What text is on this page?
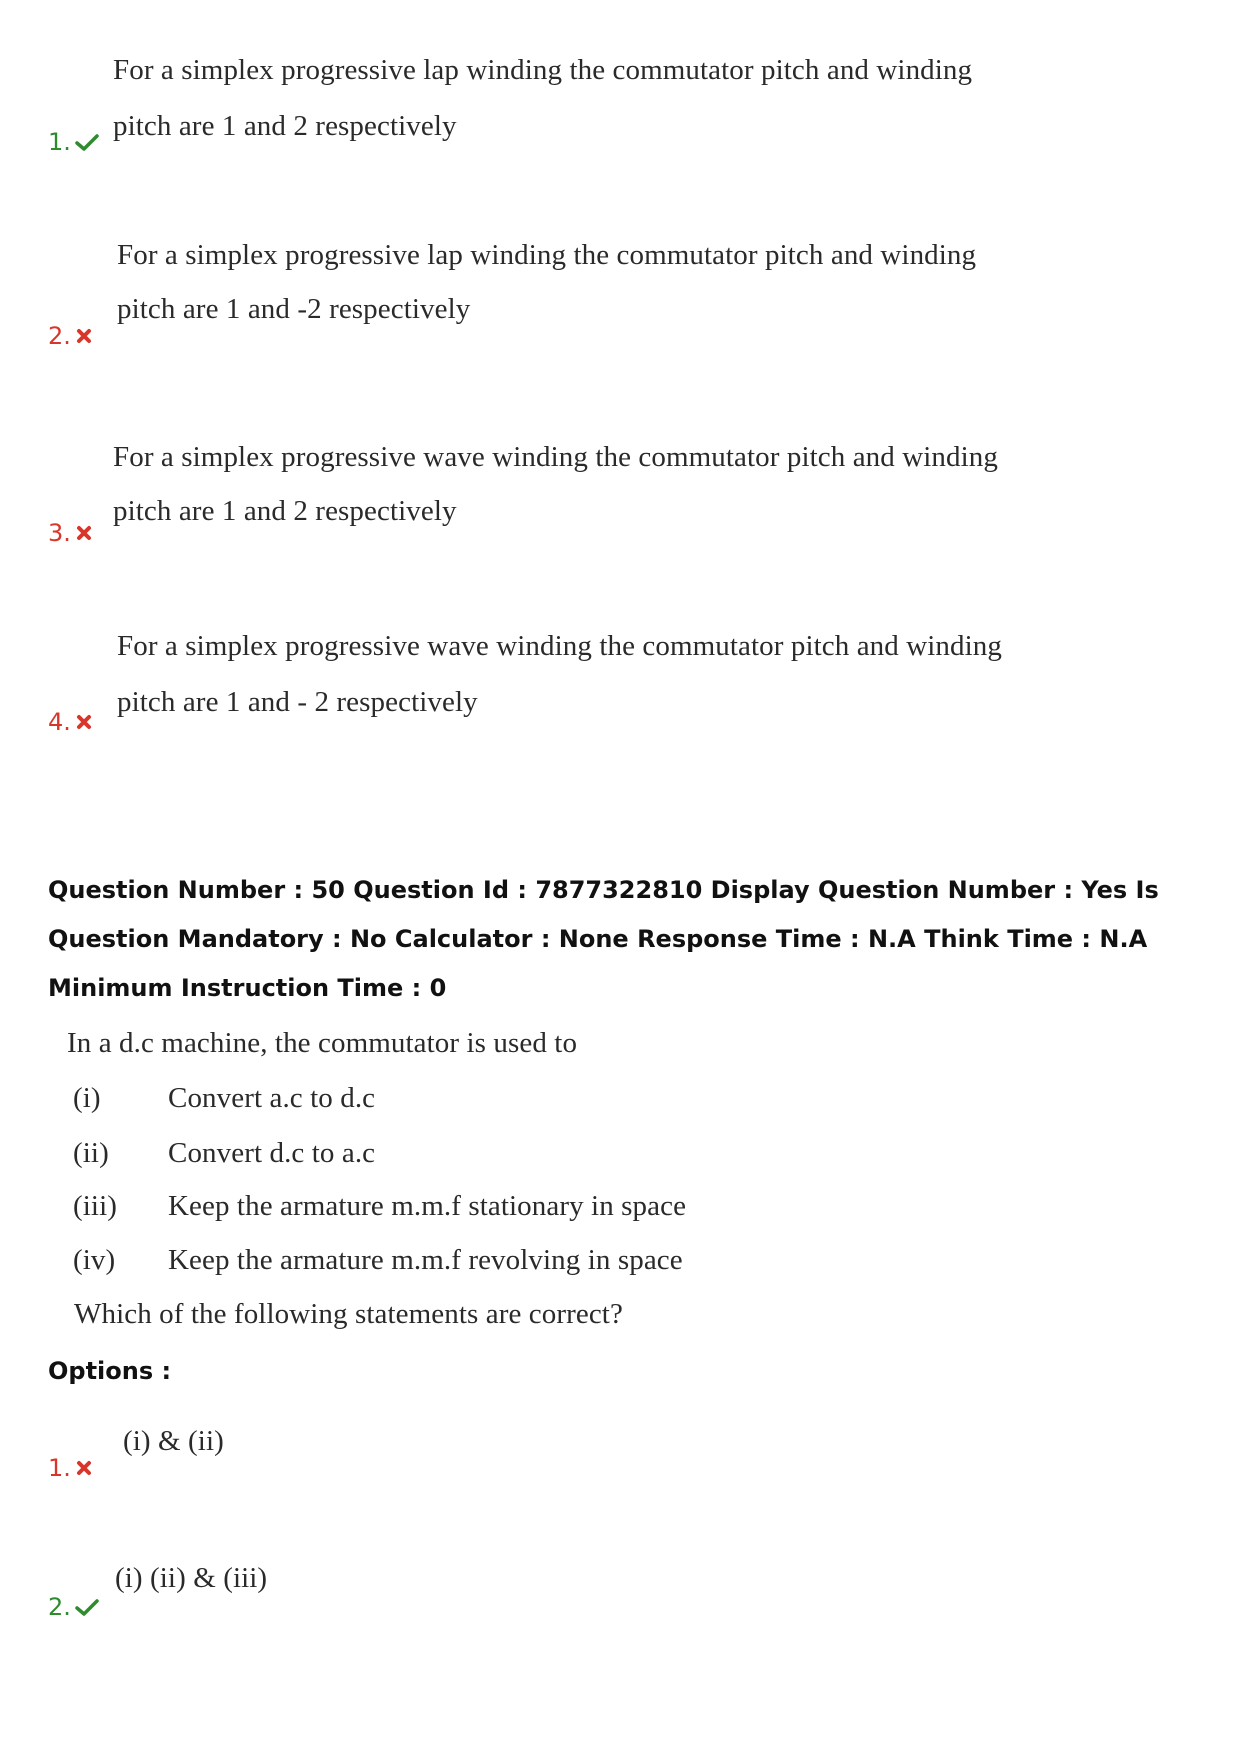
For a simplex progressive lap winding the commutator pitch and winding
pitch are 1 and 2 respectively
1.
For a simplex progressive lap winding the commutator pitch and winding
pitch are 1 and -2 respectively
2.
For a simplex progressive wave winding the commutator pitch and winding
pitch are 1 and 2 respectively
3.
For a simplex progressive wave winding the commutator pitch and winding
pitch are 1 and - 2 respectively
4.
Question Number : 50 Question Id : 7877322810 Display Question Number : Yes Is Question Mandatory : No Calculator : None Response Time : N.A Think Time : N.A Minimum Instruction Time : 0
In a d.c machine, the commutator is used to
(i) Convert a.c to d.c
(ii) Convert d.c to a.c
(iii) Keep the armature m.m.f stationary in space
(iv) Keep the armature m.m.f revolving in space
Which of the following statements are correct?
Options :
(i) & (ii)
1.
(i) (ii) & (iii)
2.
